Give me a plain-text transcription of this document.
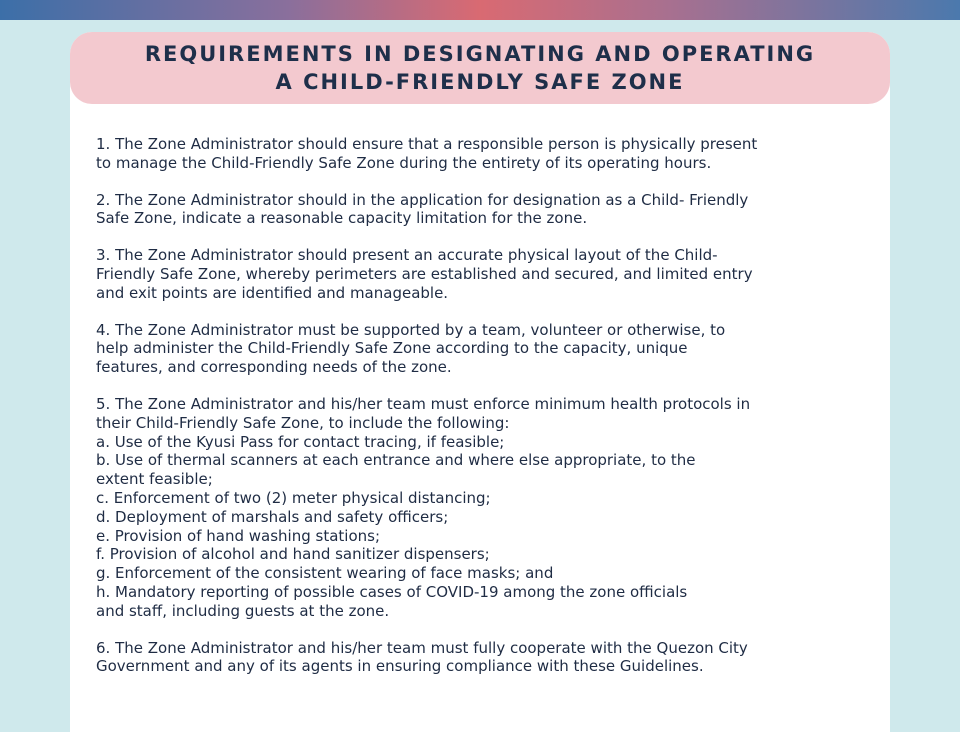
REQUIREMENTS IN DESIGNATING AND OPERATING
A CHILD-FRIENDLY SAFE ZONE
1. The Zone Administrator should ensure that a responsible person is physically present
to manage the Child-Friendly Safe Zone during the entirety of its operating hours.
2. The Zone Administrator should in the application for designation as a Child- Friendly
Safe Zone, indicate a reasonable capacity limitation for the zone.
3. The Zone Administrator should present an accurate physical layout of the Child-
Friendly Safe Zone, whereby perimeters are established and secured, and limited entry
and exit points are identified and manageable.
4. The Zone Administrator must be supported by a team, volunteer or otherwise, to
help administer the Child-Friendly Safe Zone according to the capacity, unique
features, and corresponding needs of the zone.
5. The Zone Administrator and his/her team must enforce minimum health protocols in
their Child-Friendly Safe Zone, to include the following:
a. Use of the Kyusi Pass for contact tracing, if feasible;
b. Use of thermal scanners at each entrance and where else appropriate, to the
extent feasible;
c. Enforcement of two (2) meter physical distancing;
d. Deployment of marshals and safety officers;
e. Provision of hand washing stations;
f. Provision of alcohol and hand sanitizer dispensers;
g. Enforcement of the consistent wearing of face masks; and
h. Mandatory reporting of possible cases of COVID-19 among the zone officials
and staff, including guests at the zone.
6. The Zone Administrator and his/her team must fully cooperate with the Quezon City
Government and any of its agents in ensuring compliance with these Guidelines.
